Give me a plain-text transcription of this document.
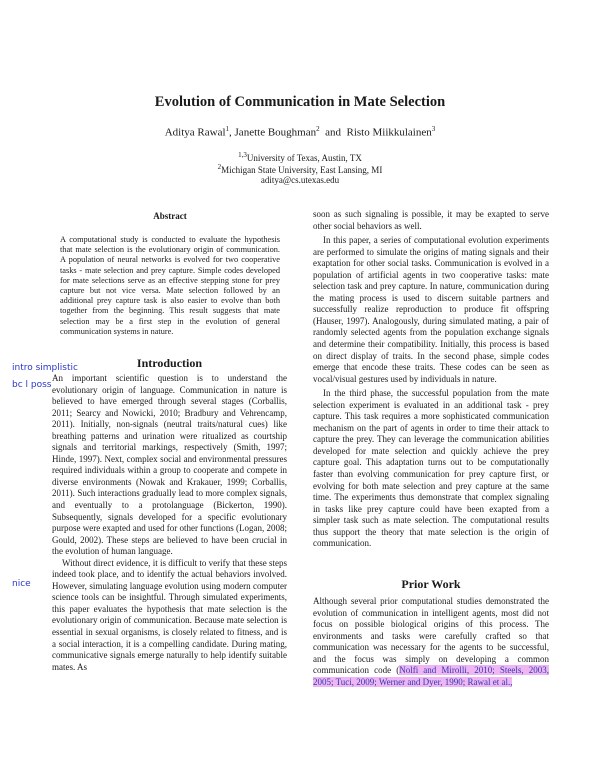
Evolution of Communication in Mate Selection
Aditya Rawal$^1$, Janette Boughman$^2$ and Risto Miikkulainen$^3$
$^{1,3}$University of Texas, Austin, TX
$^2$Michigan State University, East Lansing, MI
aditya@cs.utexas.edu
Abstract
A computational study is conducted to evaluate the hypothesis that mate selection is the evolutionary origin of communication. A population of neural networks is evolved for two cooperative tasks - mate selection and prey capture. Simple codes developed for mate selections serve as an effective stepping stone for prey capture but not vice versa. Mate selection followed by an additional prey capture task is also easier to evolve than both together from the beginning. This result suggests that mate selection may be a first step in the evolution of general communication systems in nature.
Introduction

An important scientific question is to understand the evolutionary origin of language. Communication in nature is believed to have emerged through several stages (Corballis, 2011; Searcy and Nowicki, 2010; Bradbury and Vehrencamp, 2011). Initially, non-signals (neutral traits/natural cues) like breathing patterns and urination were ritualized as courtship signals and territorial markings, respectively (Smith, 1997; Hinde, 1997). Next, complex social and environmental pressures required individuals within a group to cooperate and compete in diverse environments (Nowak and Krakauer, 1999; Corballis, 2011). Such interactions gradually lead to more complex signals, and eventually to a protolanguage (Bickerton, 1990). Subsequently, signals developed for a specific evolutionary purpose were exapted and used for other functions (Logan, 2008; Gould, 2002). These steps are believed to have been crucial in the evolution of human language.

Without direct evidence, it is difficult to verify that these steps indeed took place, and to identify the actual behaviors involved. However, simulating language evolution using modern computer science tools can be insightful. Through simulated experiments, this paper evaluates the hypothesis that mate selection is the evolutionary origin of communication. Because mate selection is essential in sexual organisms, is closely related to fitness, and is a social interaction, it is a compelling candidate. During mating, communicative signals emerge naturally to help identify suitable mates. As

soon as such signaling is possible, it may be exapted to serve other social behaviors as well.

In this paper, a series of computational evolution experiments are performed to simulate the origins of mating signals and their exaptation for other social tasks. Communication is evolved in a population of artificial agents in two cooperative tasks: mate selection task and prey capture. In nature, communication during the mating process is used to discern suitable partners and successfully realize reproduction to produce fit offspring (Hauser, 1997). Analogously, during simulated mating, a pair of randomly selected agents from the population exchange signals and determine their compatibility. Initially, this process is based on direct display of traits. In the second phase, simple codes emerge that encode these traits. These codes can be seen as vocal/visual gestures used by individuals in nature.

In the third phase, the successful population from the mate selection experiment is evaluated in an additional task - prey capture. This task requires a more sophisticated communication mechanism on the part of agents in order to time their attack to capture the prey. They can leverage the communication abilities developed for mate selection and quickly achieve the prey capture goal. This adaptation turns out to be computationally faster than evolving communication for prey capture first, or evolving for both mate selection and prey capture at the same time. The experiments thus demonstrate that complex signaling in tasks like prey capture could have been exapted from a simpler task such as mate selection. The computational results thus support the theory that mate selection is the origin of communication.

Prior Work

Although several prior computational studies demonstrated the evolution of communication in intelligent agents, most did not focus on possible biological origins of this process. The environments and tasks were carefully crafted so that communication was necessary for the agents to be successful, and the focus was simply on developing a common communication code (Nolfi and Mirolli, 2010; Steels, 2003, 2005; Tuci, 2009; Werner and Dyer, 1990; Rawal et al.,

intro simplistic
bc l poss
nice
